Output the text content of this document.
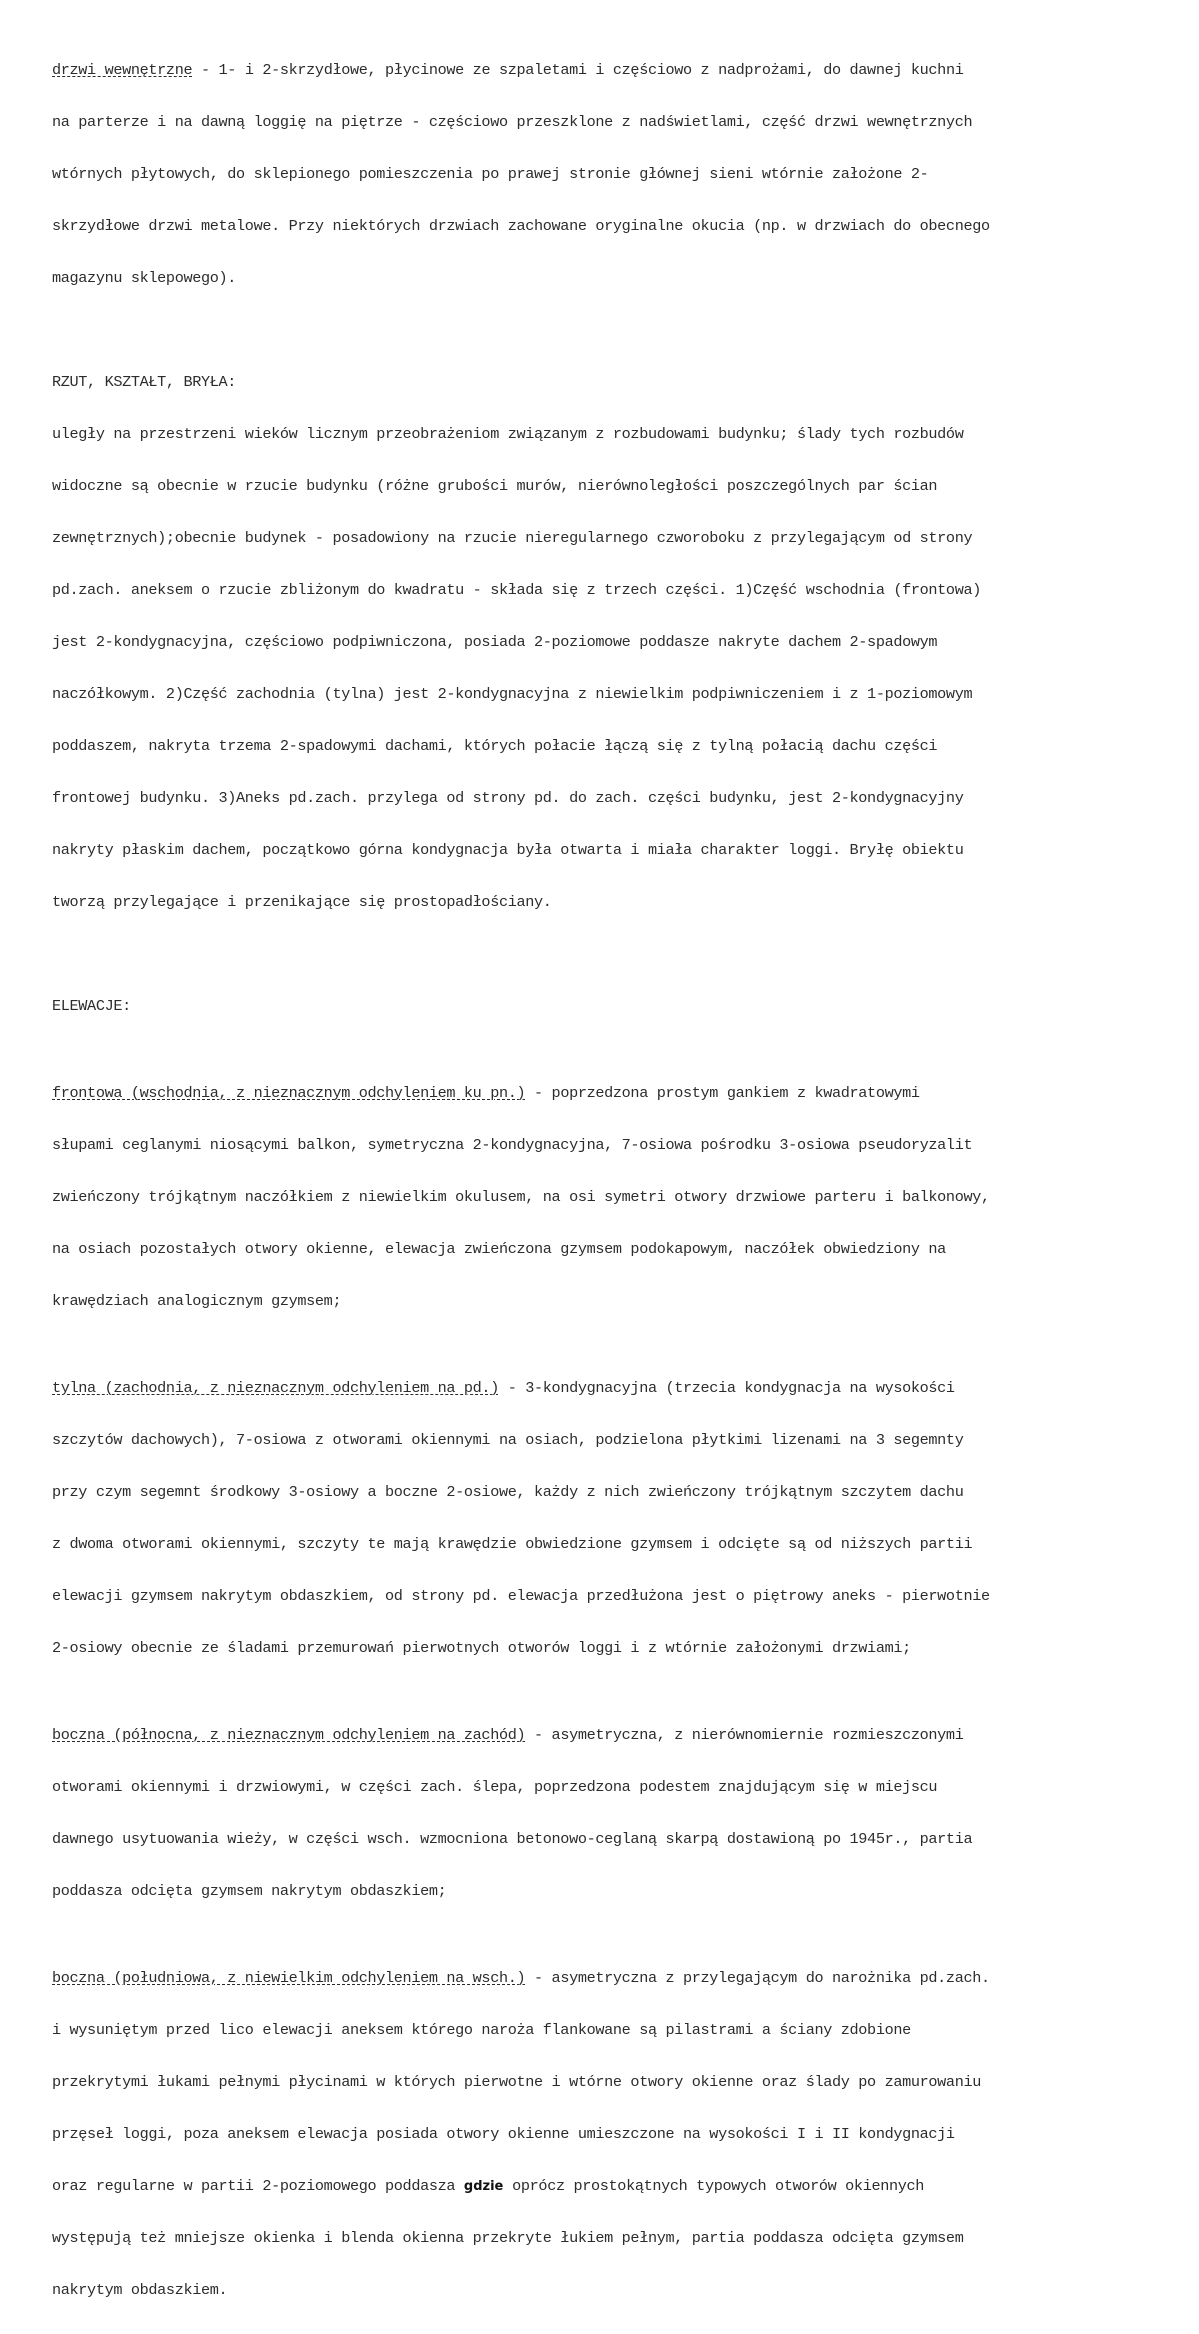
drzwi wewnętrzne - 1- i 2-skrzydłowe, płycinowe ze szpaletami i częściowo z nadprożami, do dawnej kuchni

na parterze i na dawną loggię na piętrze - częściowo przeszklone z nadświetlami, część drzwi wewnętrznych

wtórnych płytowych, do sklepionego pomieszczenia po prawej stronie głównej sieni wtórnie założone 2-

skrzydłowe drzwi metalowe. Przy niektórych drzwiach zachowane oryginalne okucia (np. w drzwiach do obecnego

magazynu sklepowego).

RZUT, KSZTAŁT, BRYŁA:

uległy na przestrzeni wieków licznym przeobrażeniom związanym z rozbudowami budynku; ślady tych rozbudów

widoczne są obecnie w rzucie budynku (różne grubości murów, nierównoległości poszczególnych par ścian

zewnętrznych);obecnie budynek - posadowiony na rzucie nieregularnego czworoboku z przylegającym od strony

pd.zach. aneksem o rzucie zbliżonym do kwadratu - składa się z trzech części. 1)Część wschodnia (frontowa)

jest 2-kondygnacyjna, częściowo podpiwniczona, posiada 2-poziomowe poddasze nakryte dachem 2-spadowym

naczółkowym. 2)Część zachodnia (tylna) jest 2-kondygnacyjna z niewielkim podpiwniczeniem i z 1-poziomowym

poddaszem, nakryta trzema 2-spadowymi dachami, których połacie łączą się z tylną połacią dachu części

frontowej budynku. 3)Aneks pd.zach. przylega od strony pd. do zach. części budynku, jest 2-kondygnacyjny

nakryty płaskim dachem, początkowo górna kondygnacja była otwarta i miała charakter loggi. Bryłę obiektu

tworzą przylegające i przenikające się prostopadłościany.

ELEWACJE:

frontowa (wschodnia, z nieznacznym odchyleniem ku pn.) - poprzedzona prostym gankiem z kwadratowymi

słupami ceglanymi niosącymi balkon, symetryczna 2-kondygnacyjna, 7-osiowa pośrodku 3-osiowa pseudoryzalit

zwieńczony trójkątnym naczółkiem z niewielkim okulusem, na osi symetri otwory drzwiowe parteru i balkonowy,

na osiach pozostałych otwory okienne, elewacja zwieńczona gzymsem podokapowym, naczółek obwiedziony na

krawędziach analogicznym gzymsem;

tylna (zachodnia, z nieznacznym odchyleniem na pd.) - 3-kondygnacyjna (trzecia kondygnacja na wysokości

szczytów dachowych), 7-osiowa z otworami okiennymi na osiach, podzielona płytkimi lizenami na 3 segemnty

przy czym segemnt środkowy 3-osiowy a boczne 2-osiowe, każdy z nich zwieńczony trójkątnym szczytem dachu

z dwoma otworami okiennymi, szczyty te mają krawędzie obwiedzione gzymsem i odcięte są od niższych partii

elewacji gzymsem nakrytym obdaszkiem, od strony pd. elewacja przedłużona jest o piętrowy aneks - pierwotnie

2-osiowy obecnie ze śladami przemurowań pierwotnych otworów loggi i z wtórnie założonymi drzwiami;

boczna (północna, z nieznacznym odchyleniem na zachód) - asymetryczna, z nierównomiernie rozmieszczonymi

otworami okiennymi i drzwiowymi, w części zach. ślepa, poprzedzona podestem znajdującym się w miejscu

dawnego usytuowania wieży, w części wsch. wzmocniona betonowo-ceglaną skarpą dostawioną po 1945r., partia

poddasza odcięta gzymsem nakrytym obdaszkiem;

boczna (południowa, z niewielkim odchyleniem na wsch.) - asymetryczna z przylegającym do narożnika pd.zach.

i wysuniętym przed lico elewacji aneksem którego naroża flankowane są pilastrami a ściany zdobione

przekrytymi łukami pełnymi płycinami w których pierwotne i wtórne otwory okienne oraz ślady po zamurowaniu

przęseł loggi, poza aneksem elewacja posiada otwory okienne umieszczone na wysokości I i II kondygnacji

oraz regularne w partii 2-poziomowego poddasza gdzie oprócz prostokątnych typowych otworów okiennych

występują też mniejsze okienka i blenda okienna przekryte łukiem pełnym, partia poddasza odcięta gzymsem

nakrytym obdaszkiem.
